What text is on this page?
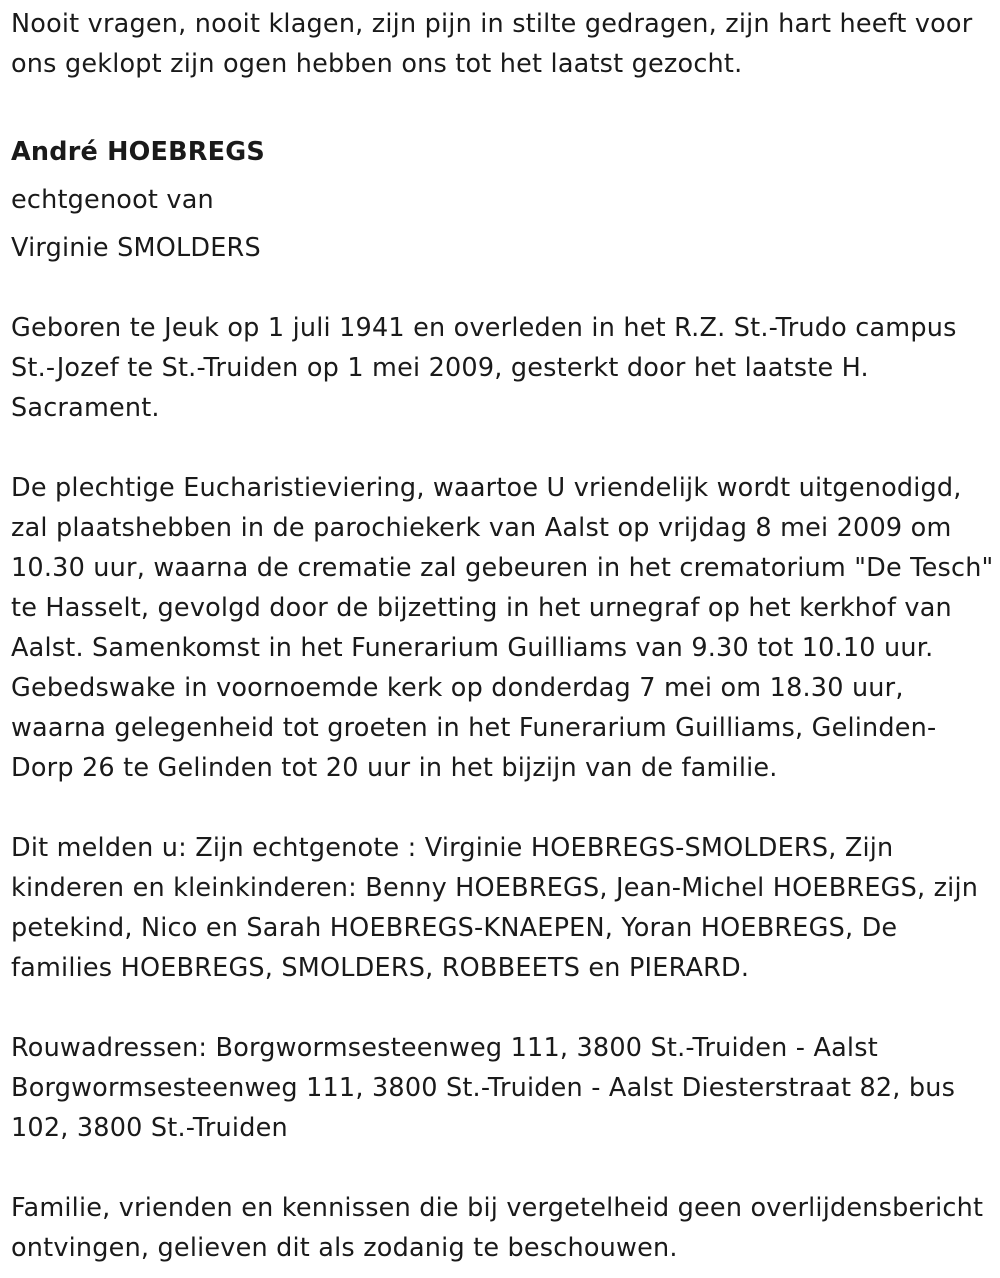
Nooit vragen, nooit klagen, zijn pijn in stilte gedragen, zijn hart heeft voor ons geklopt zijn ogen hebben ons tot het laatst gezocht.

André HOEBREGS

echtgenoot van

Virginie SMOLDERS

Geboren te Jeuk op 1 juli 1941 en overleden in het R.Z. St.-Trudo campus St.-Jozef te St.-Truiden op 1 mei 2009, gesterkt door het laatste H. Sacrament.

De plechtige Eucharistieviering, waartoe U vriendelijk wordt uitgenodigd, zal plaatshebben in de parochiekerk van Aalst op vrijdag 8 mei 2009 om 10.30 uur, waarna de crematie zal gebeuren in het crematorium "De Tesch" te Hasselt, gevolgd door de bijzetting in het urnegraf op het kerkhof van Aalst. Samenkomst in het Funerarium Guilliams van 9.30 tot 10.10 uur. Gebedswake in voornoemde kerk op donderdag 7 mei om 18.30 uur, waarna gelegenheid tot groeten in het Funerarium Guilliams, Gelinden-Dorp 26 te Gelinden tot 20 uur in het bijzijn van de familie.

Dit melden u: Zijn echtgenote : Virginie HOEBREGS-SMOLDERS, Zijn kinderen en kleinkinderen: Benny HOEBREGS, Jean-Michel HOEBREGS, zijn petekind, Nico en Sarah HOEBREGS-KNAEPEN, Yoran HOEBREGS, De families HOEBREGS, SMOLDERS, ROBBEETS en PIERARD.

Rouwadressen: Borgwormsesteenweg 111, 3800 St.-Truiden - Aalst Borgwormsesteenweg 111, 3800 St.-Truiden - Aalst Diesterstraat 82, bus 102, 3800 St.-Truiden

Familie, vrienden en kennissen die bij vergetelheid geen overlijdensbericht ontvingen, gelieven dit als zodanig te beschouwen.
